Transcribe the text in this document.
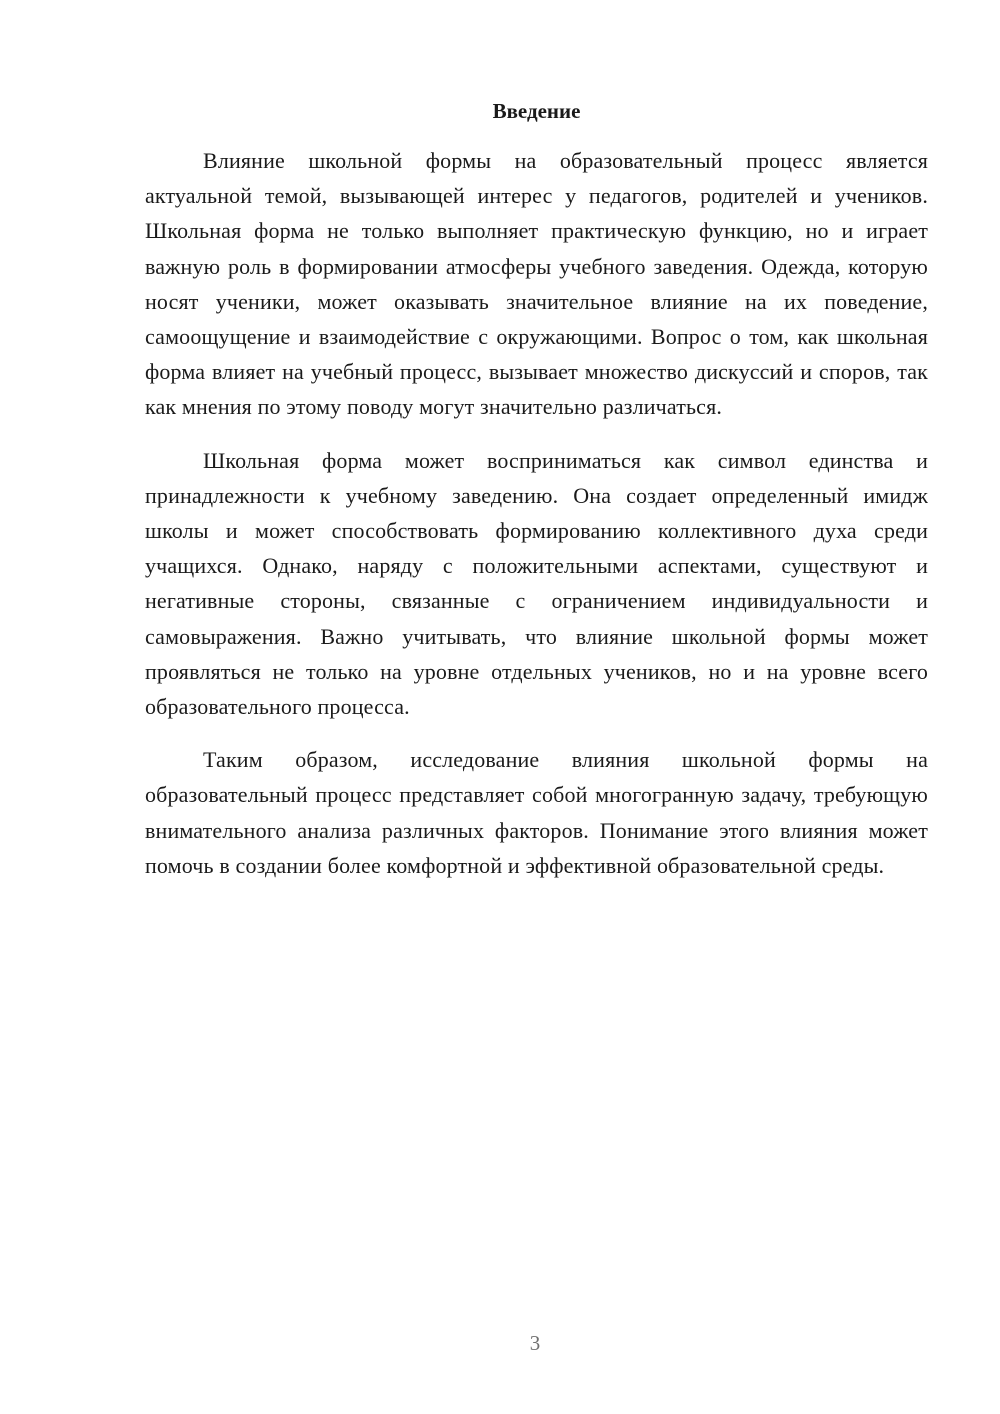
Введение

Влияние школьной формы на образовательный процесс является актуальной темой, вызывающей интерес у педагогов, родителей и учеников. Школьная форма не только выполняет практическую функцию, но и играет важную роль в формировании атмосферы учебного заведения. Одежда, которую носят ученики, может оказывать значительное влияние на их поведение, самоощущение и взаимодействие с окружающими. Вопрос о том, как школьная форма влияет на учебный процесс, вызывает множество дискуссий и споров, так как мнения по этому поводу могут значительно различаться.

Школьная форма может восприниматься как символ единства и принадлежности к учебному заведению. Она создает определенный имидж школы и может способствовать формированию коллективного духа среди учащихся. Однако, наряду с положительными аспектами, существуют и негативные стороны, связанные с ограничением индивидуальности и самовыражения. Важно учитывать, что влияние школьной формы может проявляться не только на уровне отдельных учеников, но и на уровне всего образовательного процесса.

Таким образом, исследование влияния школьной формы на образовательный процесс представляет собой многогранную задачу, требующую внимательного анализа различных факторов. Понимание этого влияния может помочь в создании более комфортной и эффективной образовательной среды.

3
